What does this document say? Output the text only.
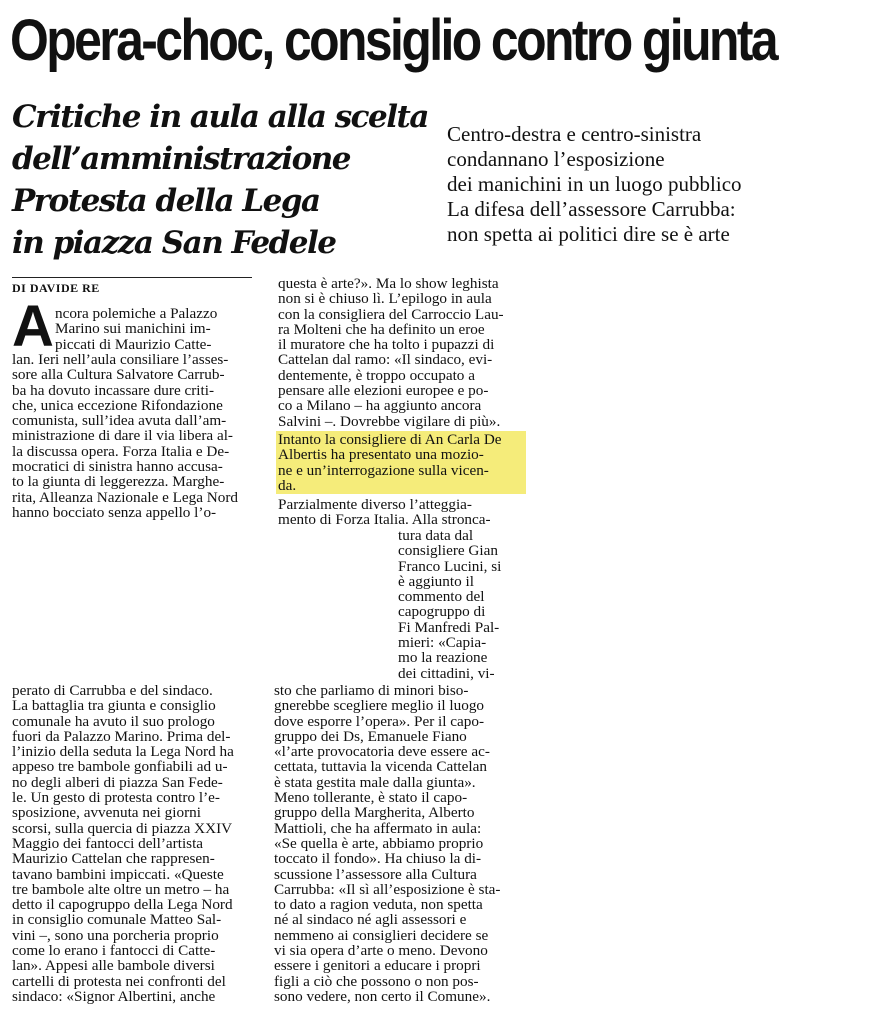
Opera-choc, consiglio contro giunta
Critiche in aula alla scelta
dell’amministrazione
Protesta della Lega
in piazza San Fedele
Centro-destra e centro-sinistra
condannano l’esposizione
dei manichini in un luogo pubblico
La difesa dell’assessore Carrubba:
non spetta ai politici dire se è arte
DI DAVIDE RE
A ncora polemiche a Palazzo
Marino sui manichini im-
piccati di Maurizio Catte-
lan. Ieri nell’aula consiliare l’asses-
sore alla Cultura Salvatore Carrub-
ba ha dovuto incassare dure criti-
che, unica eccezione Rifondazione
comunista, sull’idea avuta dall’am-
ministrazione di dare il via libera al-
la discussa opera. Forza Italia e De-
mocratici di sinistra hanno accusa-
to la giunta di leggerezza. Marghe-
rita, Alleanza Nazionale e Lega Nord
hanno bocciato senza appello l’o-
perato di Carrubba e del sindaco.
La battaglia tra giunta e consiglio
comunale ha avuto il suo prologo
fuori da Palazzo Marino. Prima del-
l’inizio della seduta la Lega Nord ha
appeso tre bambole gonfiabili ad u-
no degli alberi di piazza San Fede-
le. Un gesto di protesta contro l’e-
sposizione, avvenuta nei giorni
scorsi, sulla quercia di piazza XXIV
Maggio dei fantocci dell’artista
Maurizio Cattelan che rappresen-
tavano bambini impiccati. «Queste
tre bambole alte oltre un metro – ha
detto il capogruppo della Lega Nord
in consiglio comunale Matteo Sal-
vini –, sono una porcheria proprio
come lo erano i fantocci di Catte-
lan». Appesi alle bambole diversi
cartelli di protesta nei confronti del
sindaco: «Signor Albertini, anche
questa è arte?». Ma lo show leghista
non si è chiuso lì. L’epilogo in aula
con la consigliera del Carroccio Lau-
ra Molteni che ha definito un eroe
il muratore che ha tolto i pupazzi di
Cattelan dal ramo: «Il sindaco, evi-
dentemente, è troppo occupato a
pensare alle elezioni europee e po-
co a Milano – ha aggiunto ancora
Salvini –. Dovrebbe vigilare di più».
Intanto la consigliere di An Carla De
Albertis ha presentato una mozio-
ne e un’interrogazione sulla vicen-
da.
Parzialmente diverso l’atteggia-
mento di Forza Italia. Alla stronca-
tura data dal
consigliere Gian
Franco Lucini, si
è aggiunto il
commento del
capogruppo di
Fi Manfredi Pal-
mieri: «Capia-
mo la reazione
dei cittadini, vi-
sto che parliamo di minori biso-
gnerebbe scegliere meglio il luogo
dove esporre l’opera». Per il capo-
gruppo dei Ds, Emanuele Fiano
«l’arte provocatoria deve essere ac-
cettata, tuttavia la vicenda Cattelan
è stata gestita male dalla giunta».
Meno tollerante, è stato il capo-
gruppo della Margherita, Alberto
Mattioli, che ha affermato in aula:
«Se quella è arte, abbiamo proprio
toccato il fondo». Ha chiuso la di-
scussione l’assessore alla Cultura
Carrubba: «Il sì all’esposizione è sta-
to dato a ragion veduta, non spetta
né al sindaco né agli assessori e
nemmeno ai consiglieri decidere se
vi sia opera d’arte o meno. Devono
essere i genitori a educare i propri
figli a ciò che possono o non pos-
sono vedere, non certo il Comune».
